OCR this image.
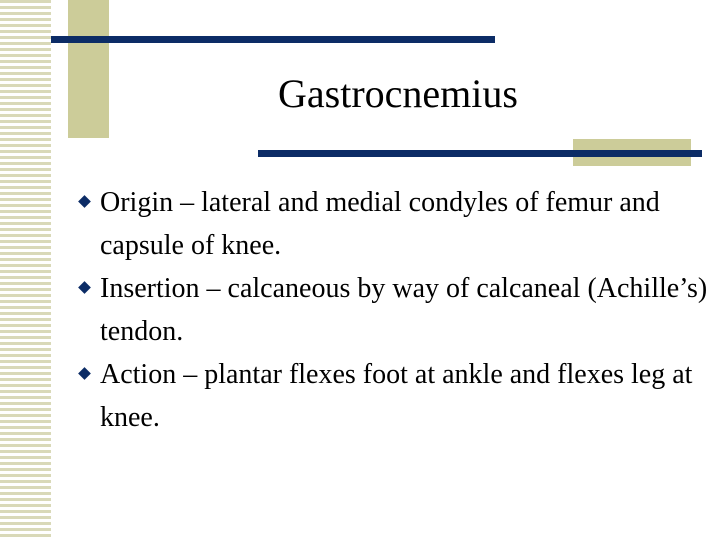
Gastrocnemius
Origin – lateral and medial condyles of femur and capsule of knee.
Insertion – calcaneous by way of calcaneal (Achille’s) tendon.
Action – plantar flexes foot at ankle and flexes leg at knee.
